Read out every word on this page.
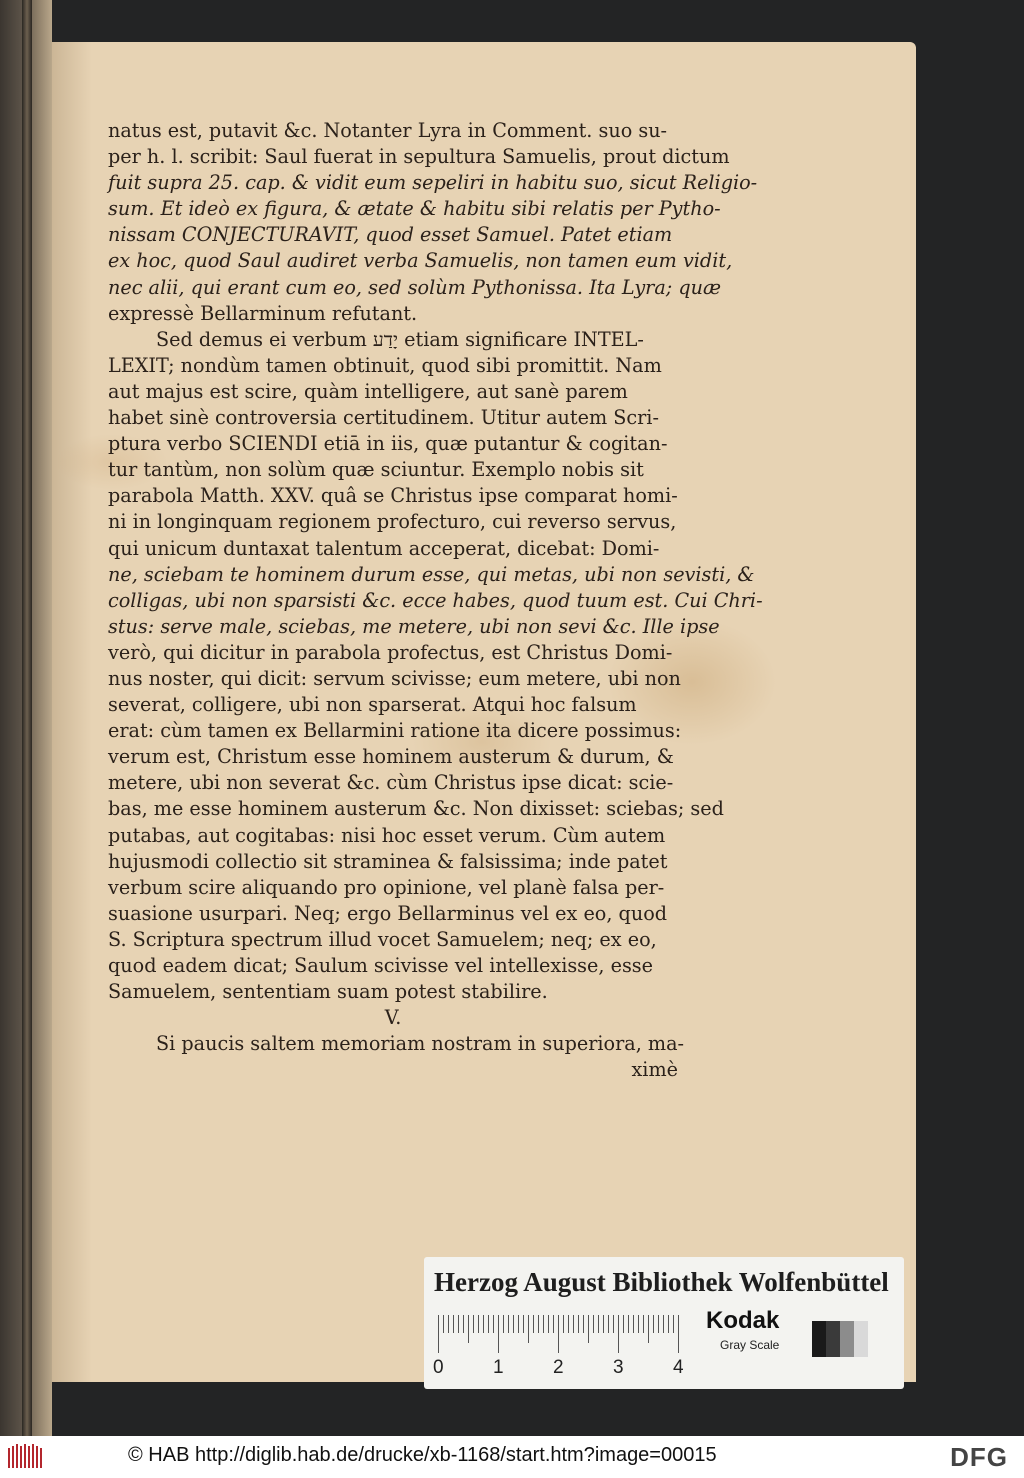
natus est, putavit &c. Notanter Lyra in Comment. suo su-
per h. l. scribit: Saul fuerat in sepultura Samuelis, prout dictum
fuit supra 25. cap. & vidit eum sepeliri in habitu suo, sicut Religio-
sum. Et ideò ex figura, & ætate & habitu sibi relatis per Pytho-
nissam CONJECTURAVIT, quod esset Samuel. Patet etiam
ex hoc, quod Saul audiret verba Samuelis, non tamen eum vidit,
nec alii, qui erant cum eo, sed solùm Pythonissa. Ita Lyra; quæ
expressè Bellarminum refutant.
Sed demus ei verbum יָדַע etiam significare INTEL-
LEXIT; nondùm tamen obtinuit, quod sibi promittit. Nam
aut majus est scire, quàm intelligere, aut sanè parem
habet sinè controversia certitudinem. Utitur autem Scri-
ptura verbo SCIENDI etiā in iis, quæ putantur & cogitan-
tur tantùm, non solùm quæ sciuntur. Exemplo nobis sit
parabola Matth. XXV. quâ se Christus ipse comparat homi-
ni in longinquam regionem profecturo, cui reverso servus,
qui unicum duntaxat talentum acceperat, dicebat: Domi-
ne, sciebam te hominem durum esse, qui metas, ubi non sevisti, &
colligas, ubi non sparsisti &c. ecce habes, quod tuum est. Cui Chri-
stus: serve male, sciebas, me metere, ubi non sevi &c. Ille ipse
verò, qui dicitur in parabola profectus, est Christus Domi-
nus noster, qui dicit: servum scivisse; eum metere, ubi non
severat, colligere, ubi non sparserat. Atqui hoc falsum
erat: cùm tamen ex Bellarmini ratione ita dicere possimus:
verum est, Christum esse hominem austerum & durum, &
metere, ubi non severat &c. cùm Christus ipse dicat: scie-
bas, me esse hominem austerum &c. Non dixisset: sciebas; sed
putabas, aut cogitabas: nisi hoc esset verum. Cùm autem
hujusmodi collectio sit straminea & falsissima; inde patet
verbum scire aliquando pro opinione, vel planè falsa per-
suasione usurpari. Neq; ergo Bellarminus vel ex eo, quod
S. Scriptura spectrum illud vocet Samuelem; neq; ex eo,
quod eadem dicat; Saulum scivisse vel intellexisse, esse
Samuelem, sententiam suam potest stabilire.
V.
Si paucis saltem memoriam nostram in superiora, ma-
ximè
Herzog August Bibliothek Wolfenbüttel
0	1	2	3	4
Kodak
Gray Scale
© HAB http://diglib.hab.de/drucke/xb-1168/start.htm?image=00015	DFG
